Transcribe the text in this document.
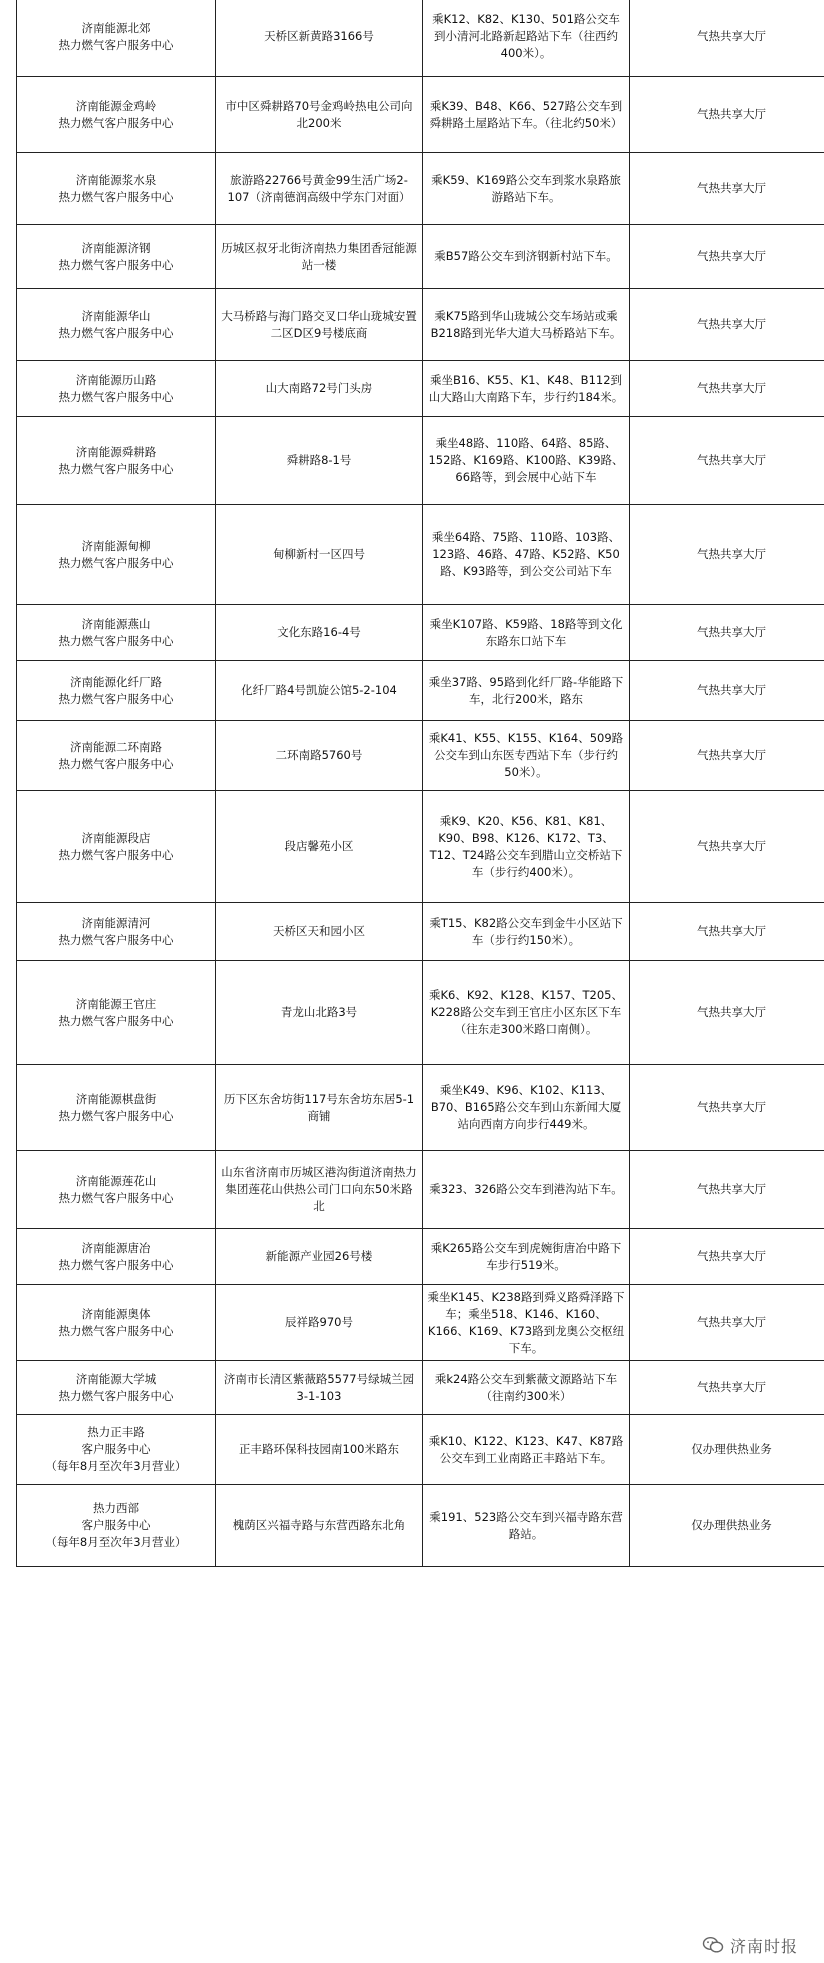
济南能源北郊
热力燃气客户服务中心	天桥区新黄路3166号	乘K12、K82、K130、501路公交车到小清河北路新起路站下车（往西约400米）。	气热共享大厅
济南能源金鸡岭
热力燃气客户服务中心	市中区舜耕路70号金鸡岭热电公司向北200米	乘K39、B48、K66、527路公交车到舜耕路土屋路站下车。（往北约50米）	气热共享大厅
济南能源浆水泉
热力燃气客户服务中心	旅游路22766号黄金99生活广场2-107（济南德润高级中学东门对面）	乘K59、K169路公交车到浆水泉路旅游路站下车。	气热共享大厅
济南能源济钢
热力燃气客户服务中心	历城区叔牙北街济南热力集团香冠能源站一楼	乘B57路公交车到济钢新村站下车。	气热共享大厅
济南能源华山
热力燃气客户服务中心	大马桥路与海门路交叉口华山珑城安置二区D区9号楼底商	乘K75路到华山珑城公交车场站或乘B218路到光华大道大马桥路站下车。	气热共享大厅
济南能源历山路
热力燃气客户服务中心	山大南路72号门头房	乘坐B16、K55、K1、K48、B112到山大路山大南路下车，步行约184米。	气热共享大厅
济南能源舜耕路
热力燃气客户服务中心	舜耕路8-1号	乘坐48路、110路、64路、85路、152路、K169路、K100路、K39路、66路等，到会展中心站下车	气热共享大厅
济南能源甸柳
热力燃气客户服务中心	甸柳新村一区四号	乘坐64路、75路、110路、103路、123路、46路、47路、K52路、K50路、K93路等，到公交公司站下车	气热共享大厅
济南能源燕山
热力燃气客户服务中心	文化东路16-4号	乘坐K107路、K59路、18路等到文化东路东口站下车	气热共享大厅
济南能源化纤厂路
热力燃气客户服务中心	化纤厂路4号凯旋公馆5-2-104	乘坐37路、95路到化纤厂路-华能路下车，北行200米，路东	气热共享大厅
济南能源二环南路
热力燃气客户服务中心	二环南路5760号	乘K41、K55、K155、K164、509路公交车到山东医专西站下车（步行约50米）。	气热共享大厅
济南能源段店
热力燃气客户服务中心	段店馨苑小区	乘K9、K20、K56、K81、K81、K90、B98、K126、K172、T3、T12、T24路公交车到腊山立交桥站下车（步行约400米）。	气热共享大厅
济南能源清河
热力燃气客户服务中心	天桥区天和园小区	乘T15、K82路公交车到金牛小区站下车（步行约150米）。	气热共享大厅
济南能源王官庄
热力燃气客户服务中心	青龙山北路3号	乘K6、K92、K128、K157、T205、K228路公交车到王官庄小区东区下车（往东走300米路口南侧）。	气热共享大厅
济南能源棋盘街
热力燃气客户服务中心	历下区东舍坊街117号东舍坊东居5-1商铺	乘坐K49、K96、K102、K113、B70、B165路公交车到山东新闻大厦站向西南方向步行449米。	气热共享大厅
济南能源莲花山
热力燃气客户服务中心	山东省济南市历城区港沟街道济南热力集团莲花山供热公司门口向东50米路北	乘323、326路公交车到港沟站下车。	气热共享大厅
济南能源唐冶
热力燃气客户服务中心	新能源产业园26号楼	乘K265路公交车到虎婉街唐冶中路下车步行519米。	气热共享大厅
济南能源奥体
热力燃气客户服务中心	辰祥路970号	乘坐K145、K238路到舜义路舜泽路下车；乘坐518、K146、K160、K166、K169、K73路到龙奥公交枢纽下车。	气热共享大厅
济南能源大学城
热力燃气客户服务中心	济南市长清区紫薇路5577号绿城兰园3-1-103	乘k24路公交车到紫薇文源路站下车（往南约300米）	气热共享大厅
热力正丰路
客户服务中心
（每年8月至次年3月营业）	正丰路环保科技园南100米路东	乘K10、K122、K123、K47、K87路公交车到工业南路正丰路站下车。	仅办理供热业务
热力西部
客户服务中心
（每年8月至次年3月营业）	槐荫区兴福寺路与东营西路东北角	乘191、523路公交车到兴福寺路东营路站。	仅办理供热业务
济南时报
